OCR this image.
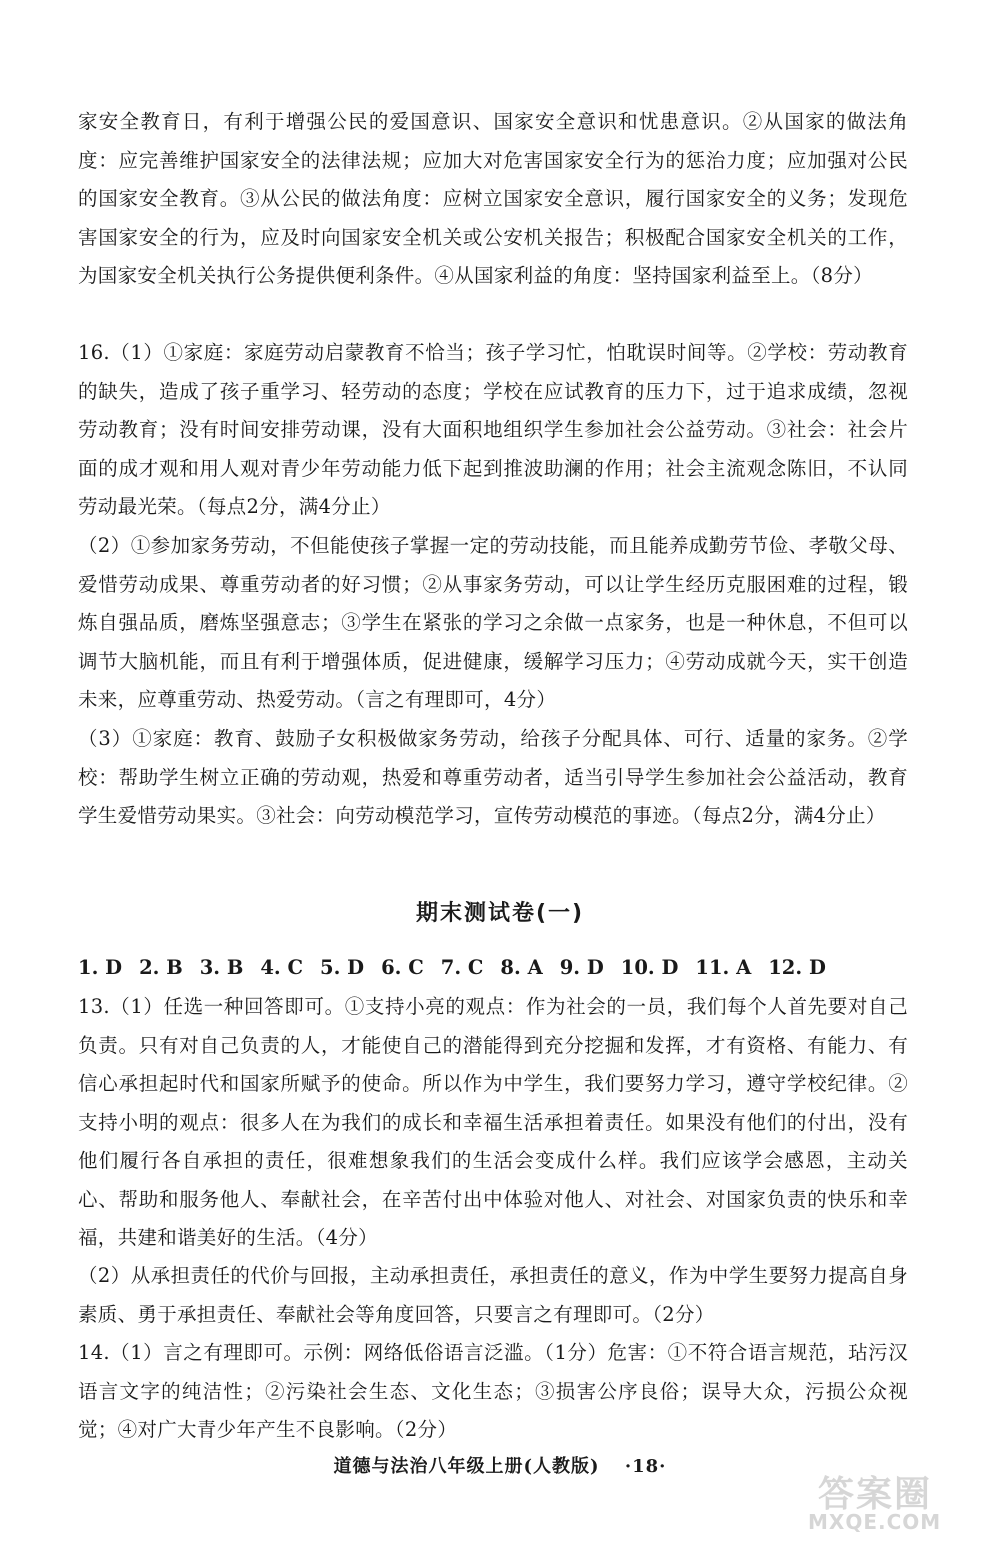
家安全教育日，有利于增强公民的爱国意识、国家安全意识和忧患意识。②从国家的做法角度：应完善维护国家安全的法律法规；应加大对危害国家安全行为的惩治力度；应加强对公民的国家安全教育。③从公民的做法角度：应树立国家安全意识，履行国家安全的义务；发现危害国家安全的行为，应及时向国家安全机关或公安机关报告；积极配合国家安全机关的工作，为国家安全机关执行公务提供便利条件。④从国家利益的角度：坚持国家利益至上。（8分）

16.（1）①家庭：家庭劳动启蒙教育不恰当；孩子学习忙，怕耽误时间等。②学校：劳动教育的缺失，造成了孩子重学习、轻劳动的态度；学校在应试教育的压力下，过于追求成绩，忽视劳动教育；没有时间安排劳动课，没有大面积地组织学生参加社会公益劳动。③社会：社会片面的成才观和用人观对青少年劳动能力低下起到推波助澜的作用；社会主流观念陈旧，不认同劳动最光荣。（每点2分，满4分止）

（2）①参加家务劳动，不但能使孩子掌握一定的劳动技能，而且能养成勤劳节俭、孝敬父母、爱惜劳动成果、尊重劳动者的好习惯；②从事家务劳动，可以让学生经历克服困难的过程，锻炼自强品质，磨炼坚强意志；③学生在紧张的学习之余做一点家务，也是一种休息，不但可以调节大脑机能，而且有利于增强体质，促进健康，缓解学习压力；④劳动成就今天，实干创造未来，应尊重劳动、热爱劳动。（言之有理即可，4分）

（3）①家庭：教育、鼓励子女积极做家务劳动，给孩子分配具体、可行、适量的家务。②学校：帮助学生树立正确的劳动观，热爱和尊重劳动者，适当引导学生参加社会公益活动，教育学生爱惜劳动果实。③社会：向劳动模范学习，宣传劳动模范的事迹。（每点2分，满4分止）

期末测试卷(一)
1. D 2. B 3. B 4. C 5. D 6. C 7. C 8. A 9. D 10. D 11. A 12. D

13.（1）任选一种回答即可。①支持小亮的观点：作为社会的一员，我们每个人首先要对自己负责。只有对自己负责的人，才能使自己的潜能得到充分挖掘和发挥，才有资格、有能力、有信心承担起时代和国家所赋予的使命。所以作为中学生，我们要努力学习，遵守学校纪律。②支持小明的观点：很多人在为我们的成长和幸福生活承担着责任。如果没有他们的付出，没有他们履行各自承担的责任，很难想象我们的生活会变成什么样。我们应该学会感恩，主动关心、帮助和服务他人、奉献社会，在辛苦付出中体验对他人、对社会、对国家负责的快乐和幸福，共建和谐美好的生活。（4分）

（2）从承担责任的代价与回报，主动承担责任，承担责任的意义，作为中学生要努力提高自身素质、勇于承担责任、奉献社会等角度回答，只要言之有理即可。（2分）

14.（1）言之有理即可。示例：网络低俗语言泛滥。（1分）危害：①不符合语言规范，玷污汉语言文字的纯洁性；②污染社会生态、文化生态；③损害公序良俗；误导大众，污损公众视觉；④对广大青少年产生不良影响。（2分）

道德与法治八年级上册(人教版) ·18·
答案圈
MXQE.COM
